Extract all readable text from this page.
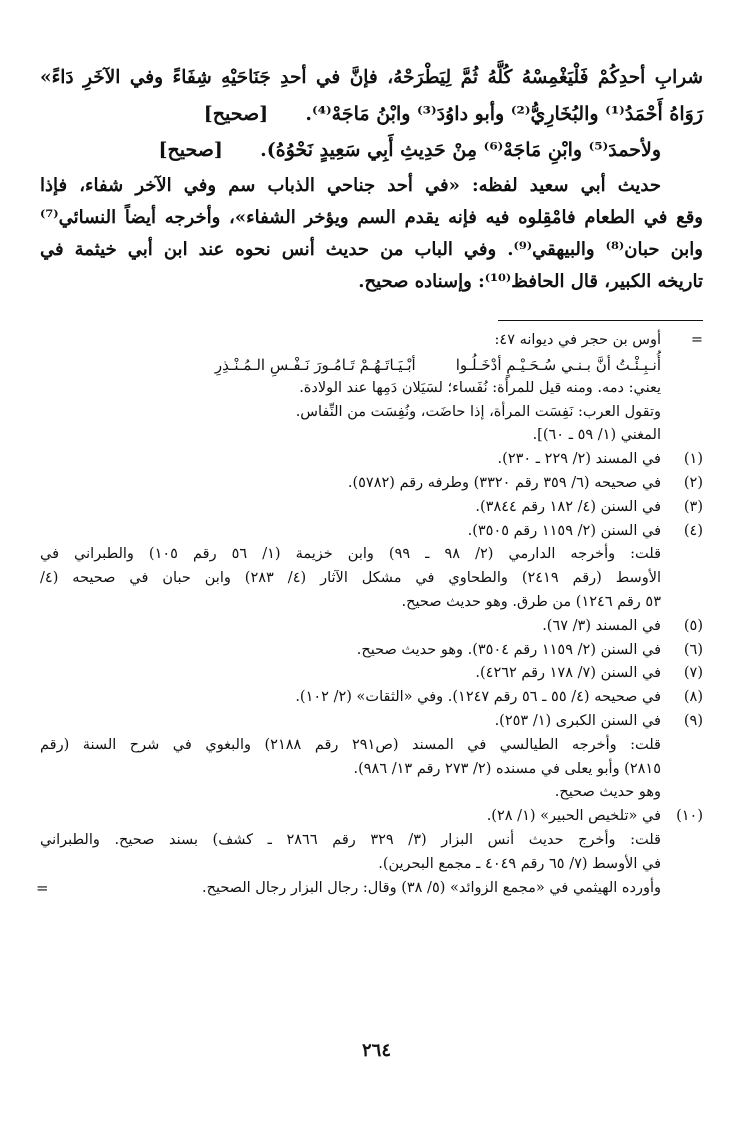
شرابِ أحدِكُمْ فَلْيَغْمِسْهُ كُلَّهُ ثُمَّ لِيَطْرَحْهُ، فإنَّ في أحدِ جَنَاحَيْهِ شِفَاءً وفي الآخَرِ دَاءً»
رَوَاهُ أَحْمَدُ⁽¹⁾ والبُخَارِيُّ⁽²⁾ وأبو داوُدَ⁽³⁾ وابْنُ مَاجَهْ⁽⁴⁾.  [صحيح]
ولأحمدَ⁽⁵⁾ وابْنِ مَاجَهْ⁽⁶⁾ مِنْ حَدِيثِ أَبِي سَعِيدٍ نَحْوُهُ).  [صحيح]
حديث أبي سعيد لفظه: «في أحد جناحي الذباب سم وفي الآخر شفاء، فإذا
وقع في الطعام فامْقِلوه فيه فإنه يقدم السم ويؤخر الشفاء»، وأخرجه أيضاً النسائي⁽⁷⁾
وابن حبان⁽⁸⁾ والبيهقي⁽⁹⁾. وفي الباب من حديث أنس نحوه عند ابن أبي خيثمة في
تاريخه الكبير، قال الحافظ⁽¹⁰⁾: وإسناده صحيح.
=
أوس بن حجر في ديوانه ٤٧:
أُنـبِـئْـتُ أنَّ بـنـي سُـحَـيْـمٍ أدْخَـلُـوا
أبْـيَـاتَـهُـمْ تَـامُـورَ نَـفْـسِ الـمُـنْـذِرِ
يعني: دمه. ومنه قيل للمرأة: نُفَساء؛ لسَيَلان دَمِها عند الولادة.
وتقول العرب: نَفِسَت المرأة، إذا حاضَت، ونُفِسَت من النِّفاس.
المغني (١/ ٥٩ ـ ٦٠)].
(١)
في المسند (٢/ ٢٢٩ ـ ٢٣٠).
(٢)
في صحيحه (٦/ ٣٥٩ رقم ٣٣٢٠) وطرفه رقم (٥٧٨٢).
(٣)
في السنن (٤/ ١٨٢ رقم ٣٨٤٤).
(٤)
في السنن (٢/ ١١٥٩ رقم ٣٥٠٥).
قلت: وأخرجه الدارمي (٢/ ٩٨ ـ ٩٩) وابن خزيمة (١/ ٥٦ رقم ١٠٥) والطبراني في
الأوسط (رقم ٢٤١٩) والطحاوي في مشكل الآثار (٤/ ٢٨٣) وابن حبان في صحيحه (٤/
٥٣ رقم ١٢٤٦) من طرق. وهو حديث صحيح.
(٥)
في المسند (٣/ ٦٧).
(٦)
في السنن (٢/ ١١٥٩ رقم ٣٥٠٤). وهو حديث صحيح.
(٧)
في السنن (٧/ ١٧٨ رقم ٤٢٦٢).
(٨)
في صحيحه (٤/ ٥٥ ـ ٥٦ رقم ١٢٤٧). وفي «الثقات» (٢/ ١٠٢).
(٩)
في السنن الكبرى (١/ ٢٥٣).
قلت: وأخرجه الطيالسي في المسند (ص٢٩١ رقم ٢١٨٨) والبغوي في شرح السنة (رقم
٢٨١٥) وأبو يعلى في مسنده (٢/ ٢٧٣ رقم ١٣/ ٩٨٦).
وهو حديث صحيح.
(١٠)
في «تلخيص الحبير» (١/ ٢٨).
قلت: وأخرج حديث أنس البزار (٣/ ٣٢٩ رقم ٢٨٦٦ ـ كشف) بسند صحيح. والطبراني
في الأوسط (٧/ ٦٥ رقم ٤٠٤٩ ـ مجمع البحرين).
وأورده الهيثمي في «مجمع الزوائد» (٥/ ٣٨) وقال: رجال البزار رجال الصحيح.
=
٢٦٤
